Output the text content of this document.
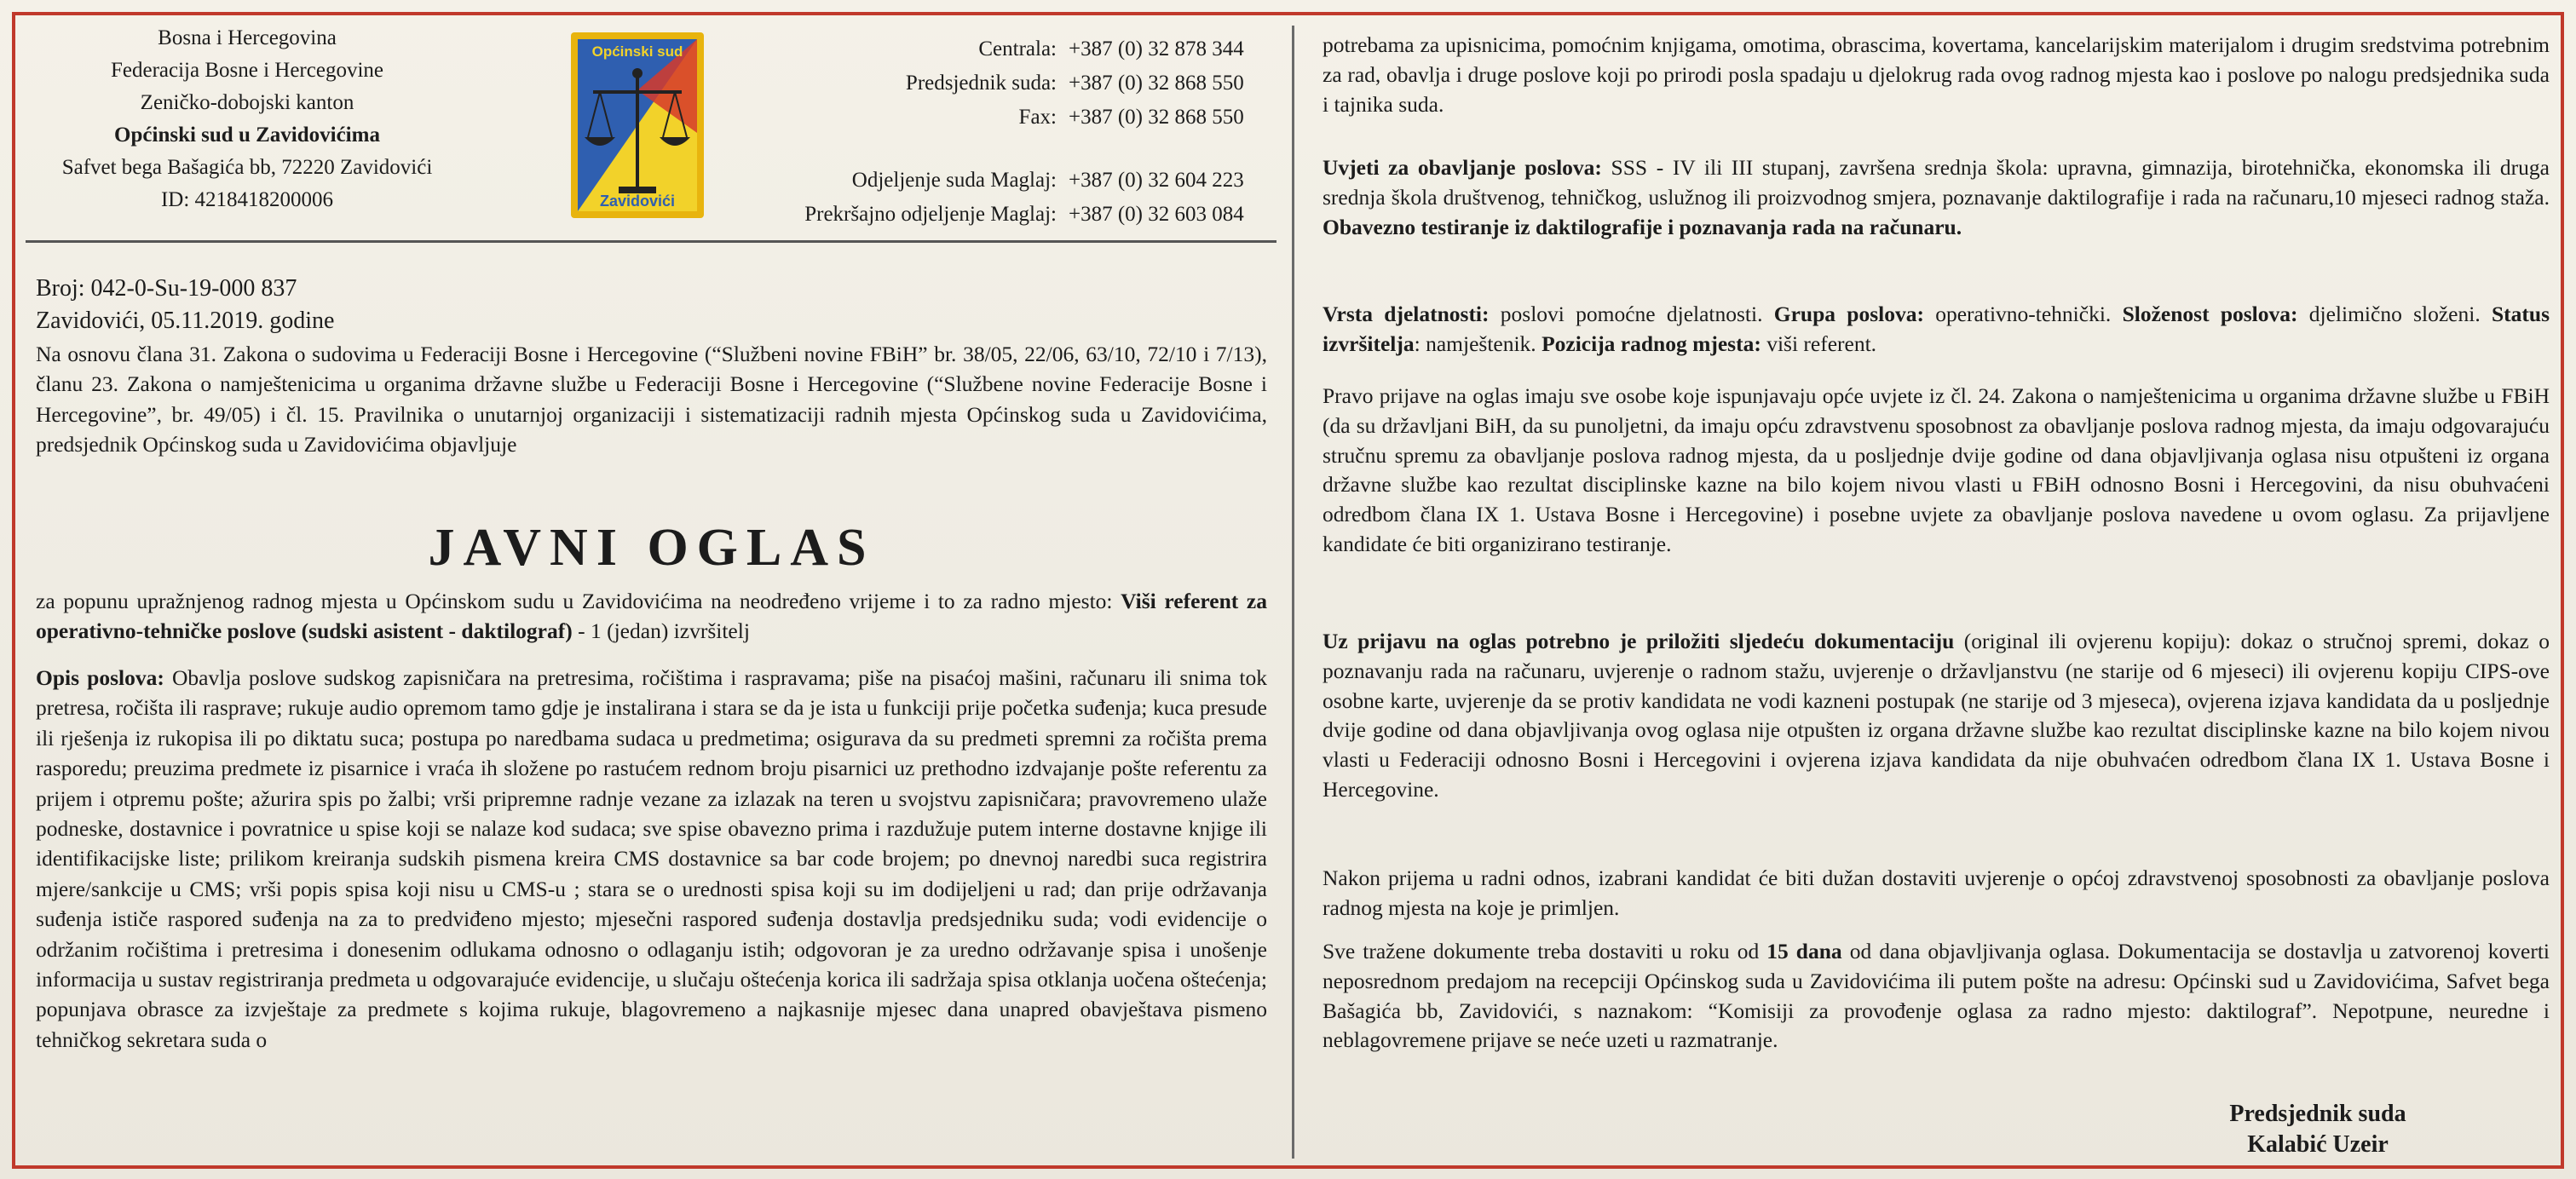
Bosna i Hercegovina
Federacija Bosne i Hercegovine
Zeničko-dobojski kanton
Općinski sud u Zavidovićima
Safvet bega Bašagića bb, 72220 Zavidovići
ID: 4218418200006
Općinski sud
Zavidovići
Centrala: +387 (0) 32 878 344
Predsjednik suda: +387 (0) 32 868 550
Fax: +387 (0) 32 868 550
Odjeljenje suda Maglaj: +387 (0) 32 604 223
Prekršajno odjeljenje Maglaj: +387 (0) 32 603 084
Broj: 042-0-Su-19-000 837
Zavidovići, 05.11.2019. godine

Na osnovu člana 31. Zakona o sudovima u Federaciji Bosne i Hercegovine (“Službeni novine FBiH” br. 38/05, 22/06, 63/10, 72/10 i 7/13), članu 23. Zakona o namještenicima u organima državne službe u Federaciji Bosne i Hercegovine (“Službene novine Federacije Bosne i Hercegovine”, br. 49/05) i čl. 15. Pravilnika o unutarnjoj organizaciji i sistematizaciji radnih mjesta Općinskog suda u Zavidovićima, predsjednik Općinskog suda u Zavidovićima objavljuje

JAVNI OGLAS

za popunu upražnjenog radnog mjesta u Općinskom sudu u Zavidovićima na neodređeno vrijeme i to za radno mjesto: Viši referent za operativno-tehničke poslove (sudski asistent - daktilograf) - 1 (jedan) izvršitelj

Opis poslova: Obavlja poslove sudskog zapisničara na pretresima, ročištima i raspravama; piše na pisaćoj mašini, računaru ili snima tok pretresa, ročišta ili rasprave; rukuje audio opremom tamo gdje je instalirana i stara se da je ista u funkciji prije početka suđenja; kuca presude ili rješenja iz rukopisa ili po diktatu suca; postupa po naredbama sudaca u predmetima; osigurava da su predmeti spremni za ročišta prema rasporedu; preuzima predmete iz pisarnice i vraća ih složene po rastućem rednom broju pisarnici uz prethodno izdvajanje pošte referentu za prijem i otpremu pošte; ažurira spis po žalbi; vrši pripremne radnje vezane za izlazak na teren u svojstvu zapisničara; pravovremeno ulaže podneske, dostavnice i povratnice u spise koji se nalaze kod sudaca; sve spise obavezno prima i razdužuje putem interne dostavne knjige ili identifikacijske liste; prilikom kreiranja sudskih pismena kreira CMS dostavnice sa bar code brojem; po dnevnoj naredbi suca registrira mjere/sankcije u CMS; vrši popis spisa koji nisu u CMS-u ; stara se o urednosti spisa koji su im dodijeljeni u rad; dan prije održavanja suđenja ističe raspored suđenja na za to predviđeno mjesto; mjesečni raspored suđenja dostavlja predsjedniku suda; vodi evidencije o održanim ročištima i pretresima i donesenim odlukama odnosno o odlaganju istih; odgovoran je za uredno održavanje spisa i unošenje informacija u sustav registriranja predmeta u odgovarajuće evidencije, u slučaju oštećenja korica ili sadržaja spisa otklanja uočena oštećenja; popunjava obrasce za izvještaje za predmete s kojima rukuje, blagovremeno a najkasnije mjesec dana unapred obavještava pismeno tehničkog sekretara suda o

potrebama za upisnicima, pomoćnim knjigama, omotima, obrascima, kovertama, kancelarijskim materijalom i drugim sredstvima potrebnim za rad, obavlja i druge poslove koji po prirodi posla spadaju u djelokrug rada ovog radnog mjesta kao i poslove po nalogu predsjednika suda i tajnika suda.

Uvjeti za obavljanje poslova: SSS - IV ili III stupanj, završena srednja škola: upravna, gimnazija, birotehnička, ekonomska ili druga srednja škola društvenog, tehničkog, uslužnog ili proizvodnog smjera, poznavanje daktilografije i rada na računaru,10 mjeseci radnog staža. Obavezno testiranje iz daktilografije i poznavanja rada na računaru.

Vrsta djelatnosti: poslovi pomoćne djelatnosti. Grupa poslova: operativno-tehnički. Složenost poslova: djelimično složeni. Status izvršitelja: namještenik. Pozicija radnog mjesta: viši referent.

Pravo prijave na oglas imaju sve osobe koje ispunjavaju opće uvjete iz čl. 24. Zakona o namještenicima u organima državne službe u FBiH (da su državljani BiH, da su punoljetni, da imaju opću zdravstvenu sposobnost za obavljanje poslova radnog mjesta, da imaju odgovarajuću stručnu spremu za obavljanje poslova radnog mjesta, da u posljednje dvije godine od dana objavljivanja oglasa nisu otpušteni iz organa državne službe kao rezultat disciplinske kazne na bilo kojem nivou vlasti u FBiH odnosno Bosni i Hercegovini, da nisu obuhvaćeni odredbom člana IX 1. Ustava Bosne i Hercegovine) i posebne uvjete za obavljanje poslova navedene u ovom oglasu. Za prijavljene kandidate će biti organizirano testiranje.

Uz prijavu na oglas potrebno je priložiti sljedeću dokumentaciju (original ili ovjerenu kopiju): dokaz o stručnoj spremi, dokaz o poznavanju rada na računaru, uvjerenje o radnom stažu, uvjerenje o državljanstvu (ne starije od 6 mjeseci) ili ovjerenu kopiju CIPS-ove osobne karte, uvjerenje da se protiv kandidata ne vodi kazneni postupak (ne starije od 3 mjeseca), ovjerena izjava kandidata da u posljednje dvije godine od dana objavljivanja ovog oglasa nije otpušten iz organa državne službe kao rezultat disciplinske kazne na bilo kojem nivou vlasti u Federaciji odnosno Bosni i Hercegovini i ovjerena izjava kandidata da nije obuhvaćen odredbom člana IX 1. Ustava Bosne i Hercegovine.

Nakon prijema u radni odnos, izabrani kandidat će biti dužan dostaviti uvjerenje o općoj zdravstvenoj sposobnosti za obavljanje poslova radnog mjesta na koje je primljen.

Sve tražene dokumente treba dostaviti u roku od 15 dana od dana objavljivanja oglasa. Dokumentacija se dostavlja u zatvorenoj koverti neposrednom predajom na recepciji Općinskog suda u Zavidovićima ili putem pošte na adresu: Općinski sud u Zavidovićima, Safvet bega Bašagića bb, Zavidovići, s naznakom: “Komisiji za provođenje oglasa za radno mjesto: daktilograf”. Nepotpune, neuredne i neblagovremene prijave se neće uzeti u razmatranje.

Predsjednik suda
Kalabić Uzeir
